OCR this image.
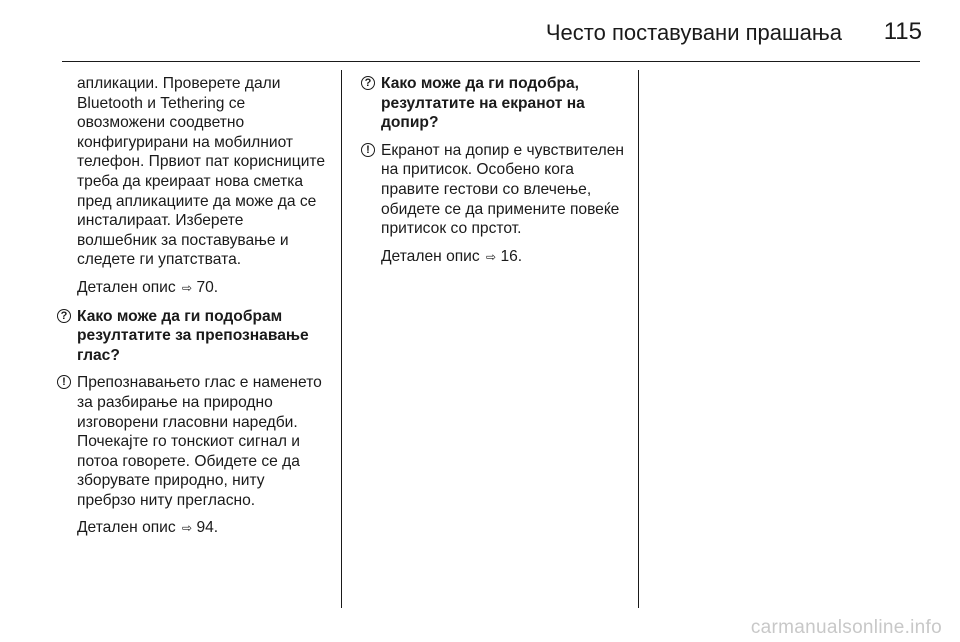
Често поставувани прашања 115

апликации. Проверете дали Bluetooth и Tethering се овозможени соодветно конфигурирани на мобилниот телефон. Првиот пат корисниците треба да креираат нова сметка пред апликациите да може да се инсталираат. Изберете волшебник за поставување и следете ги упатствата.

Детален опис ⇨ 70.

? Како може да ги подобрам резултатите за препознавање глас?

! Препознавањето глас е наменето за разбирање на природно изговорени гласовни наредби. Почекајте го тонскиот сигнал и потоа говорете. Обидете се да зборувате природно, ниту пребрзо ниту прегласно.

Детален опис ⇨ 94.

? Како може да ги подобра, резултатите на екранот на допир?

! Екранот на допир е чувствителен на притисок. Особено кога правите гестови со влечење, обидете се да примените повеќе притисок со прстот.

Детален опис ⇨ 16.

carmanualsonline.info
